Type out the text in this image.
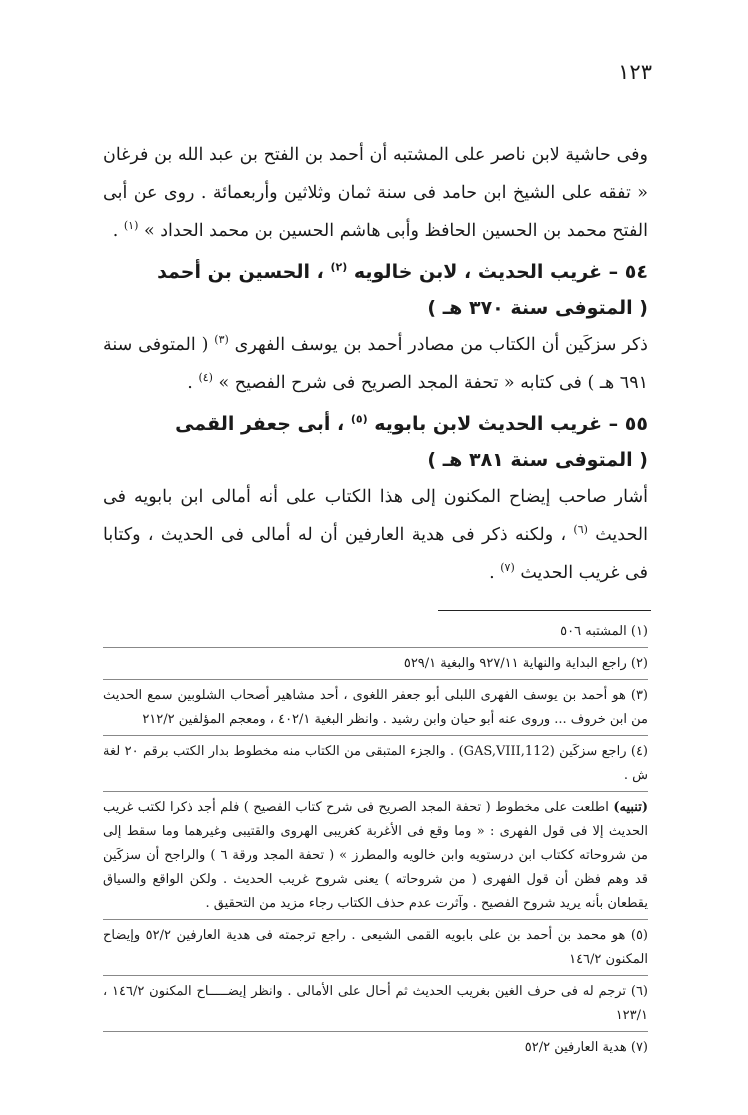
١٢٣

وفى حاشية لابن ناصر على المشتبه أن أحمد بن الفتح بن عبد الله بن فرغان « تفقه على الشيخ ابن حامد فى سنة ثمان وثلاثين وأربعمائة . روى عن أبى الفتح محمد بن الحسين الحافظ وأبى هاشم الحسين بن محمد الحداد » $^{(١)}$ .

٥٤ – غريب الحديث ، لابن خالويه $^{(٢)}$ ، الحسين بن أحمد
( المتوفى سنة ٣٧٠ هـ )

ذكر سزكَين أن الكتاب من مصادر أحمد بن يوسف الفهرى $^{(٣)}$ ( المتوفى سنة ٦٩١ هـ ) فى كتابه « تحفة المجد الصريح فى شرح الفصيح » $^{(٤)}$ .

٥٥ – غريب الحديث لابن بابويه $^{(٥)}$ ، أبى جعفر القمى
( المتوفى سنة ٣٨١ هـ )

أشار صاحب إيضاح المكنون إلى هذا الكتاب على أنه أمالى ابن بابويه فى الحديث $^{(٦)}$ ، ولكنه ذكر فى هدية العارفين أن له أمالى فى الحديث ، وكتابا فى غريب الحديث $^{(٧)}$ .

(١) المشتبه ٥٠٦

(٢) راجع البداية والنهاية ٩٢٧/١١ والبغية ٥٢٩/١

(٣) هو أحمد بن يوسف الفهرى اللبلى أبو جعفر اللغوى ، أحد مشاهير أصحاب الشلوبين سمع الحديث من ابن خروف ... وروى عنه أبو حيان وابن رشيد . وانظر البغية ٤٠٢/١ ، ومعجم المؤلفين ٢١٢/٢

(٤) راجع سزكَين (GAS,VIII,112) . والجزء المتبقى من الكتاب منه مخطوط بدار الكتب برقم ٢٠ لغة ش .

(تنبيه) اطلعت على مخطوط ( تحفة المجد الصريح فى شرح كتاب الفصيح ) فلم أجد ذكرا لكتب غريب الحديث إلا فى قول الفهرى : « وما وقع فى الأغربة كغريبى الهروى والقتيبى وغيرهما وما سقط إلى من شروحاته ككتاب ابن درستويه وابن خالويه والمطرز » ( تحفة المجد ورقة ٦ ) والراجح أن سزكَين قد وهم فظن أن قول الفهرى ( من شروحاته ) يعنى شروح غريب الحديث . ولكن الواقع والسياق يقطعان بأنه يريد شروح الفصيح . وآثرت عدم حذف الكتاب رجاء مزيد من التحقيق .

(٥) هو محمد بن أحمد بن على بابويه القمى الشيعى . راجع ترجمته فى هدية العارفين ٥٢/٢ وإيضاح المكنون ١٤٦/٢

(٦) ترجم له فى حرف الغين بغريب الحديث ثم أحال على الأمالى . وانظر إيضـــــاح المكنون ١٤٦/٢ ، ١٢٣/١

(٧) هدية العارفين ٥٢/٢
